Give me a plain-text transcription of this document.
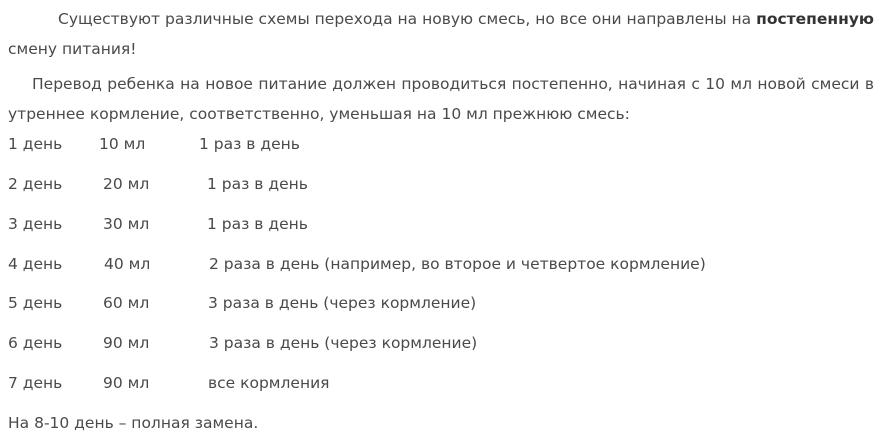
Существуют различные схемы перехода на новую смесь, но все они направлены на постепенную смену питания!

Перевод ребенка на новое питание должен проводиться постепенно, начиная с 10 мл новой смеси в утреннее кормление, соответственно, уменьшая на 10 мл прежнюю смесь:

1 день 10 мл	1 раз в день
2 день	20 мл	1 раз в день
3 день	30 мл	1 раз в день
4 день	40 мл	2 раза в день (например, во второе и четвертое кормление)
5 день	60 мл	3 раза в день (через кормление)
6 день	90 мл	3 раза в день (через кормление)
7 день	90 мл	все кормления
На 8-10 день – полная замена.
